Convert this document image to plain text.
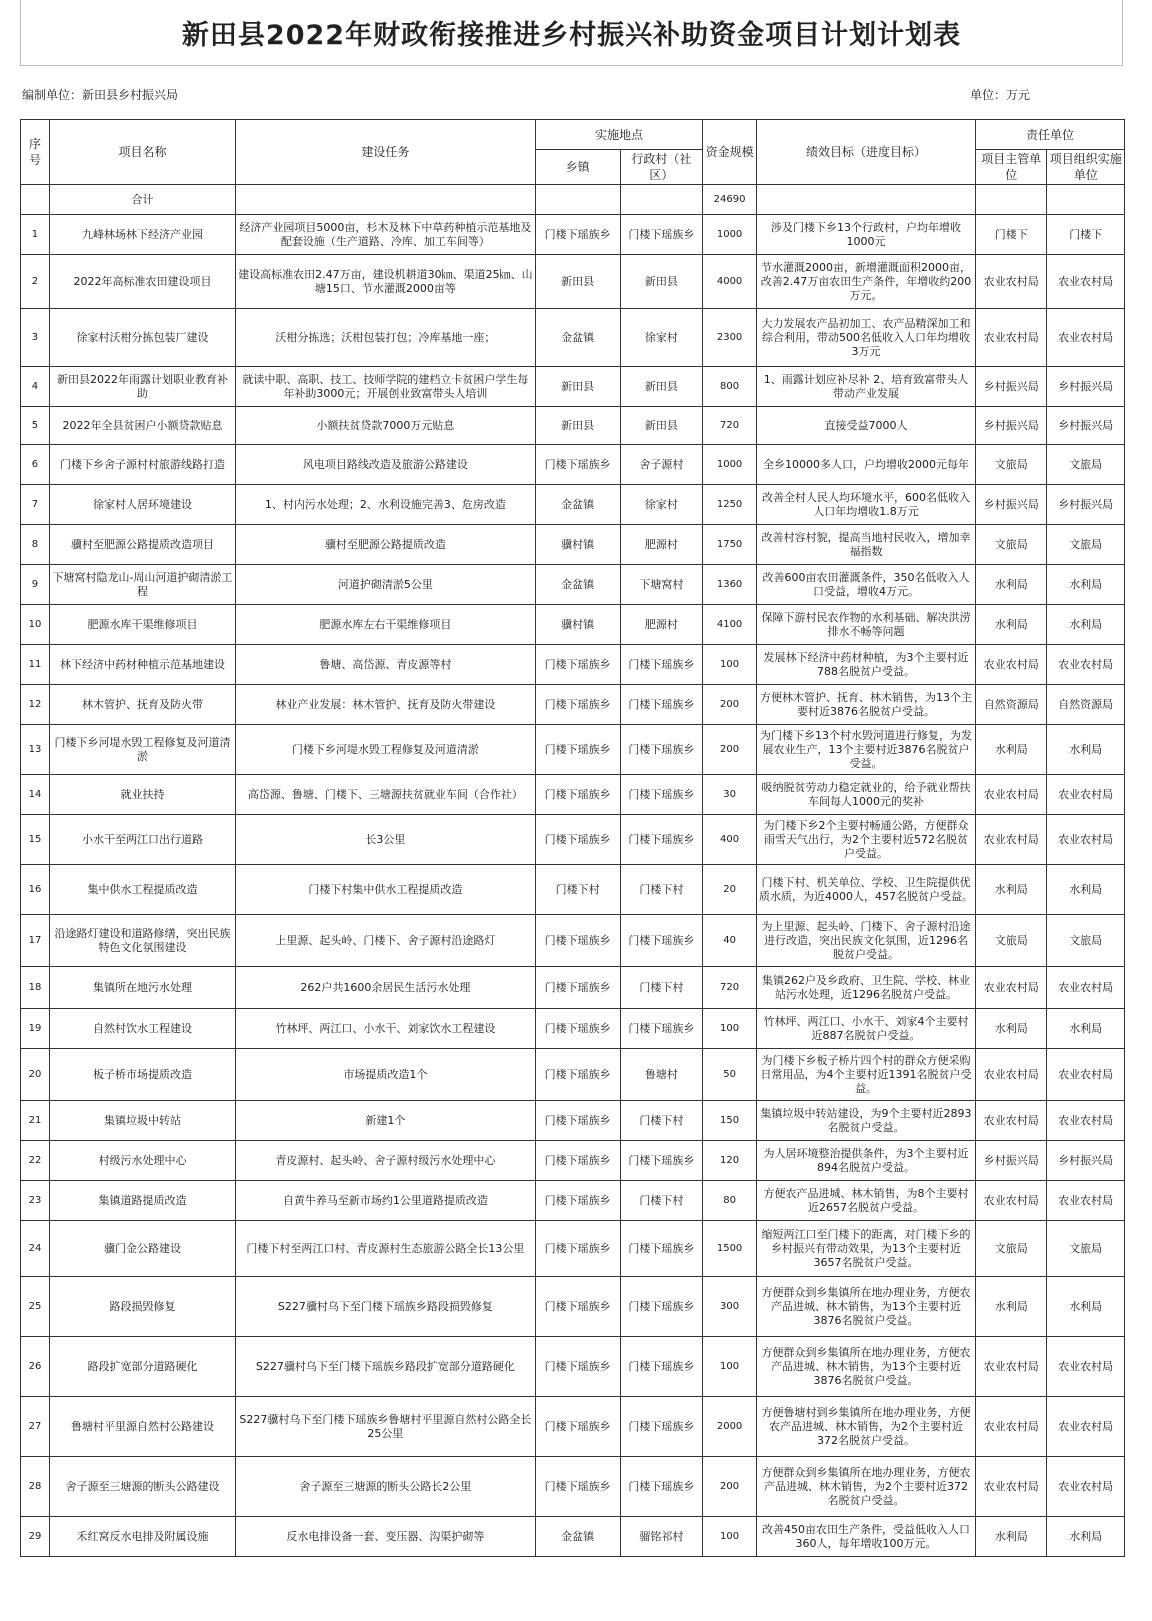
新田县2022年财政衔接推进乡村振兴补助资金项目计划计划表
编制单位：新田县乡村振兴局	单位：万元
序号	项目名称	建设任务	实施地点		资金规模	绩效目标（进度目标）	责任单位	
			乡镇	行政村（社区）			项目主管单位	项目组织实施单位
	合计				24690			
1	九峰林场林下经济产业园	经济产业园项目5000亩，杉木及林下中草药种植示范基地及配套设施（生产道路、冷库、加工车间等）	门楼下瑶族乡	门楼下瑶族乡	1000	涉及门楼下乡13个行政村，户均年增收1000元	门楼下	门楼下
2	2022年高标准农田建设项目	建设高标准农田2.47万亩，建设机耕道30㎞、渠道25㎞、山塘15口、节水灌溉2000亩等	新田县	新田县	4000	节水灌溉2000亩，新增灌溉面积2000亩，改善2.47万亩农田生产条件，年增收约200万元。	农业农村局	农业农村局
3	徐家村沃柑分拣包装厂建设	沃柑分拣选；沃柑包装打包；冷库基地一座；	金盆镇	徐家村	2300	大力发展农产品初加工、农产品精深加工和综合利用，带动500名低收入人口年均增收3万元	农业农村局	农业农村局
4	新田县2022年雨露计划职业教育补助	就读中职、高职、技工、技师学院的建档立卡贫困户学生每年补助3000元；开展创业致富带头人培训	新田县	新田县	800	1、雨露计划应补尽补 2、培育致富带头人带动产业发展	乡村振兴局	乡村振兴局
5	2022年全县贫困户小额贷款贴息	小额扶贫贷款7000万元贴息	新田县	新田县	720	直接受益7000人	乡村振兴局	乡村振兴局
6	门楼下乡舍子源村村旅游线路打造	风电项目路线改造及旅游公路建设	门楼下瑶族乡	舍子源村	1000	全乡10000多人口，户均增收2000元每年	文旅局	文旅局
7	徐家村人居环境建设	1、村内污水处理；2、水利设施完善3、危房改造	金盆镇	徐家村	1250	改善全村人民人均环境水平，600名低收入人口年均增收1.8万元	乡村振兴局	乡村振兴局
8	骥村至肥源公路提质改造项目	骥村至肥源公路提质改造	骥村镇	肥源村	1750	改善村容村貌，提高当地村民收入，增加幸福指数	文旅局	文旅局
9	下塘窝村隐龙山-周山河道护砌清淤工程	河道护砌清淤5公里	金盆镇	下塘窝村	1360	改善600亩农田灌溉条件，350名低收入人口受益，增收4万元。	水利局	水利局
10	肥源水库干渠维修项目	肥源水库左右干渠维修项目	骥村镇	肥源村	4100	保障下游村民农作物的水利基础、解决洪涝排水不畅等问题	水利局	水利局
11	林下经济中药材种植示范基地建设	鲁塘、高岱源、青皮源等村	门楼下瑶族乡	门楼下瑶族乡	100	发展林下经济中药材种植，为3个主要村近788名脱贫户受益。	农业农村局	农业农村局
12	林木管护、抚育及防火带	林业产业发展：林木管护、抚育及防火带建设	门楼下瑶族乡	门楼下瑶族乡	200	方便林木管护、抚育、林木销售，为13个主要村近3876名脱贫户受益。	自然资源局	自然资源局
13	门楼下乡河堤水毁工程修复及河道清淤	门楼下乡河堤水毁工程修复及河道清淤	门楼下瑶族乡	门楼下瑶族乡	200	为门楼下乡13个村水毁河道进行修复，为发展农业生产，13个主要村近3876名脱贫户受益。	水利局	水利局
14	就业扶持	高岱源、鲁塘、门楼下、三塘源扶贫就业车间（合作社）	门楼下瑶族乡	门楼下瑶族乡	30	吸纳脱贫劳动力稳定就业的，给予就业帮扶车间每人1000元的奖补	农业农村局	农业农村局
15	小水干至两江口出行道路	长3公里	门楼下瑶族乡	门楼下瑶族乡	400	为门楼下乡2个主要村畅通公路，方便群众雨雪天气出行，为2个主要村近572名脱贫户受益。	农业农村局	农业农村局
16	集中供水工程提质改造	门楼下村集中供水工程提质改造	门楼下村	门楼下村	20	门楼下村、机关单位、学校、卫生院提供优质水质，为近4000人，457名脱贫户受益。	水利局	水利局
17	沿途路灯建设和道路修缮，突出民族特色文化氛围建设	上里源、起头岭、门楼下、舍子源村沿途路灯	门楼下瑶族乡	门楼下瑶族乡	40	为上里源、起头岭、门楼下、舍子源村沿途进行改造，突出民族文化氛围，近1296名脱贫户受益。	文旅局	文旅局
18	集镇所在地污水处理	262户共1600余居民生活污水处理	门楼下瑶族乡	门楼下村	720	集镇262户及乡政府、卫生院、学校、林业站污水处理，近1296名脱贫户受益。	农业农村局	农业农村局
19	自然村饮水工程建设	竹林坪、两江口、小水干、刘家饮水工程建设	门楼下瑶族乡	门楼下瑶族乡	100	竹林坪、两江口、小水干、刘家4个主要村近887名脱贫户受益。	水利局	水利局
20	板子桥市场提质改造	市场提质改造1个	门楼下瑶族乡	鲁塘村	50	为门楼下乡板子桥片四个村的群众方便采购日常用品，为4个主要村近1391名脱贫户受益。	农业农村局	农业农村局
21	集镇垃圾中转站	新建1个	门楼下瑶族乡	门楼下村	150	集镇垃圾中转站建设，为9个主要村近2893名脱贫户受益。	农业农村局	农业农村局
22	村级污水处理中心	青皮源村、起头岭、舍子源村级污水处理中心	门楼下瑶族乡	门楼下瑶族乡	120	为人居环境整治提供条件，为3个主要村近894名脱贫户受益。	乡村振兴局	乡村振兴局
23	集镇道路提质改造	自黄牛养马至新市场约1公里道路提质改造	门楼下瑶族乡	门楼下村	80	方便农产品进城、林木销售，为8个主要村近2657名脱贫户受益。	农业农村局	农业农村局
24	骥门金公路建设	门楼下村至两江口村、青皮源村生态旅游公路全长13公里	门楼下瑶族乡	门楼下瑶族乡	1500	缩短两江口至门楼下的距离，对门楼下乡的乡村振兴有带动效果，为13个主要村近3657名脱贫户受益。	文旅局	文旅局
25	路段损毁修复	S227骥村乌下至门楼下瑶族乡路段损毁修复	门楼下瑶族乡	门楼下瑶族乡	300	方便群众到乡集镇所在地办理业务，方便农产品进城、林木销售，为13个主要村近3876名脱贫户受益。	水利局	水利局
26	路段扩宽部分道路硬化	S227骥村乌下至门楼下瑶族乡路段扩宽部分道路硬化	门楼下瑶族乡	门楼下瑶族乡	100	方便群众到乡集镇所在地办理业务，方便农产品进城、林木销售，为13个主要村近3876名脱贫户受益。	农业农村局	农业农村局
27	鲁塘村平里源自然村公路建设	S227骥村乌下至门楼下瑶族乡鲁塘村平里源自然村公路全长25公里	门楼下瑶族乡	门楼下瑶族乡	2000	方便鲁塘村到乡集镇所在地办理业务，方便农产品进城、林木销售，为2个主要村近372名脱贫户受益。	农业农村局	农业农村局
28	舍子源至三塘源的断头公路建设	舍子源至三塘源的断头公路长2公里	门楼下瑶族乡	门楼下瑶族乡	200	方便群众到乡集镇所在地办理业务，方便农产品进城、林木销售，为2个主要村近372名脱贫户受益。	农业农村局	农业农村局
29	禾红窝反水电排及附属设施	反水电排设备一套、变压器、沟渠护砌等	金盆镇	骝铭祁村	100	改善450亩农田生产条件，受益低收入人口360人，每年增收100万元。	水利局	水利局
